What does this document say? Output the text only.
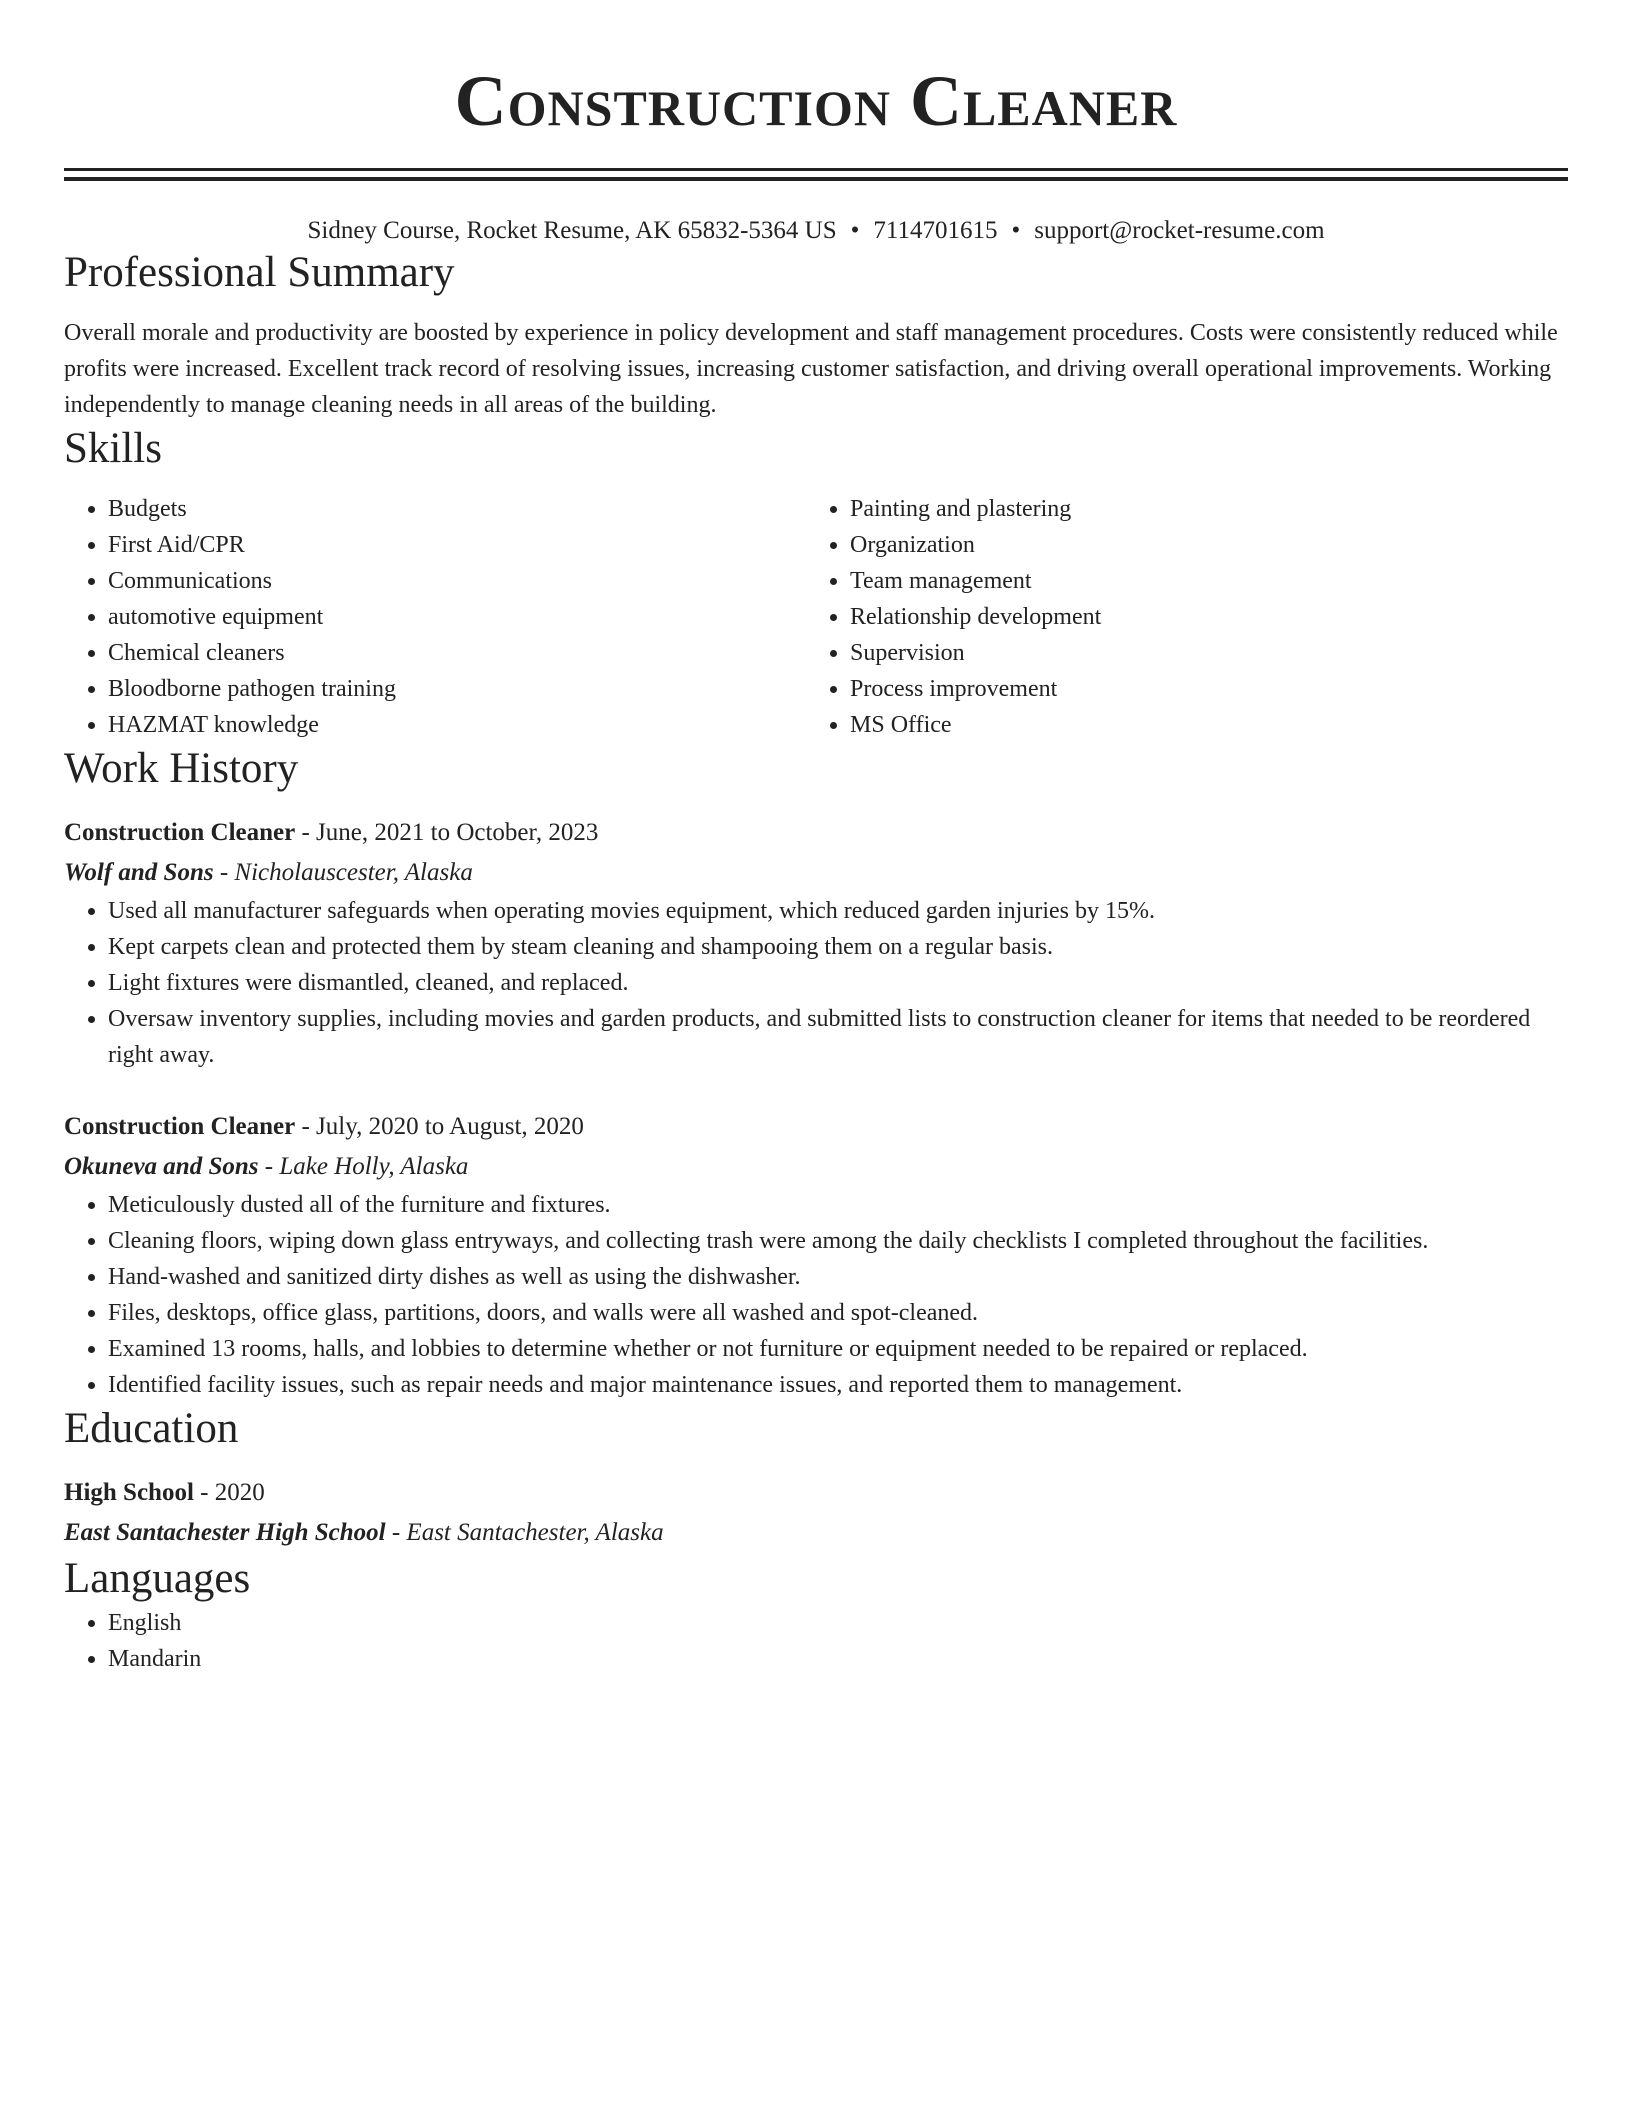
Construction Cleaner
Sidney Course, Rocket Resume, AK 65832-5364 US • 7114701615 • support@rocket-resume.com
Professional Summary
Overall morale and productivity are boosted by experience in policy development and staff management procedures. Costs were consistently reduced while profits were increased. Excellent track record of resolving issues, increasing customer satisfaction, and driving overall operational improvements. Working independently to manage cleaning needs in all areas of the building.
Skills
• Budgets
• First Aid/CPR
• Communications
• automotive equipment
• Chemical cleaners
• Bloodborne pathogen training
• HAZMAT knowledge
• Painting and plastering
• Organization
• Team management
• Relationship development
• Supervision
• Process improvement
• MS Office
Work History
Construction Cleaner - June, 2021 to October, 2023
Wolf and Sons - Nicholauscester, Alaska
• Used all manufacturer safeguards when operating movies equipment, which reduced garden injuries by 15%.
• Kept carpets clean and protected them by steam cleaning and shampooing them on a regular basis.
• Light fixtures were dismantled, cleaned, and replaced.
• Oversaw inventory supplies, including movies and garden products, and submitted lists to construction cleaner for items that needed to be reordered right away.
Construction Cleaner - July, 2020 to August, 2020
Okuneva and Sons - Lake Holly, Alaska
• Meticulously dusted all of the furniture and fixtures.
• Cleaning floors, wiping down glass entryways, and collecting trash were among the daily checklists I completed throughout the facilities.
• Hand-washed and sanitized dirty dishes as well as using the dishwasher.
• Files, desktops, office glass, partitions, doors, and walls were all washed and spot-cleaned.
• Examined 13 rooms, halls, and lobbies to determine whether or not furniture or equipment needed to be repaired or replaced.
• Identified facility issues, such as repair needs and major maintenance issues, and reported them to management.
Education
High School - 2020
East Santachester High School - East Santachester, Alaska
Languages
• English
• Mandarin
